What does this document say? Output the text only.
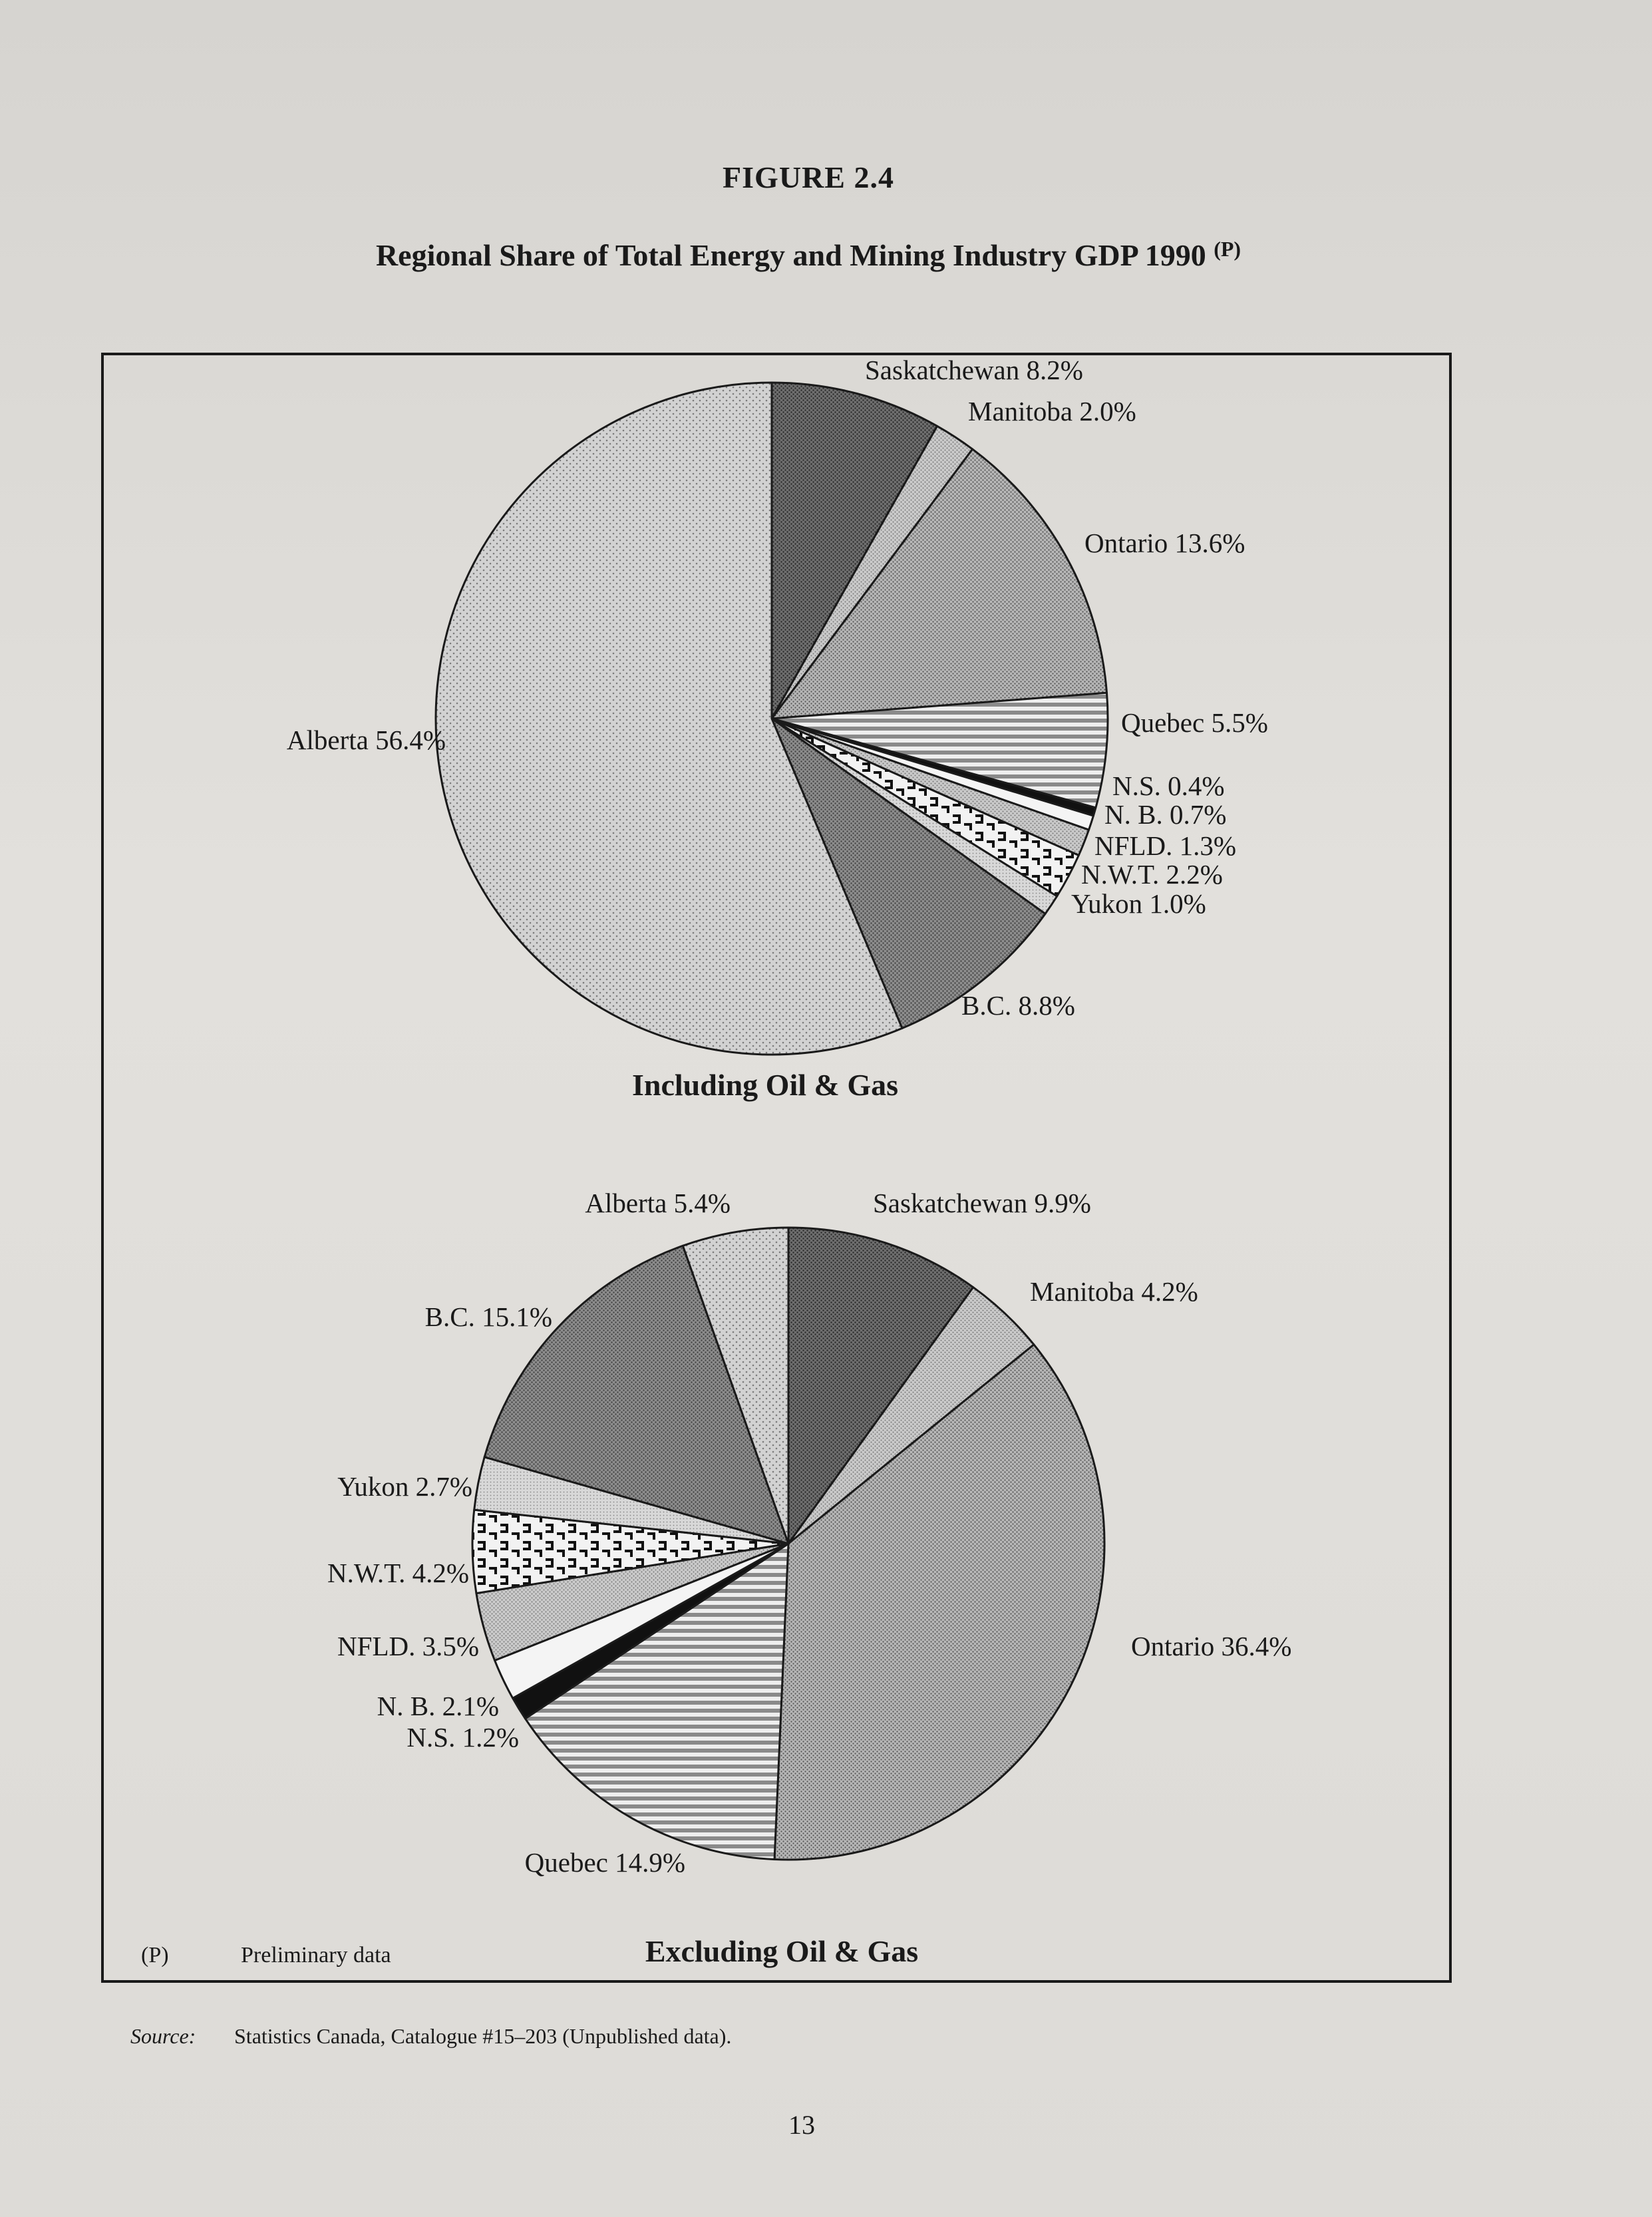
FIGURE 2.4
Regional Share of Total Energy and Mining Industry GDP 1990 $^{(P)}$
Saskatchewan 8.2%
Manitoba 2.0%
Ontario 13.6%
Quebec 5.5%
N.S. 0.4%
N. B. 0.7%
NFLD. 1.3%
N.W.T. 2.2%
Yukon 1.0%
B.C. 8.8%
Alberta 56.4%
Including Oil & Gas
Saskatchewan 9.9%
Manitoba 4.2%
Ontario 36.4%
Quebec 14.9%
N.S. 1.2%
N. B. 2.1%
NFLD. 3.5%
N.W.T. 4.2%
Yukon 2.7%
B.C. 15.1%
Alberta 5.4%
Excluding Oil & Gas
(P)	Preliminary data
Source: Statistics Canada, Catalogue #15–203 (Unpublished data).
13
